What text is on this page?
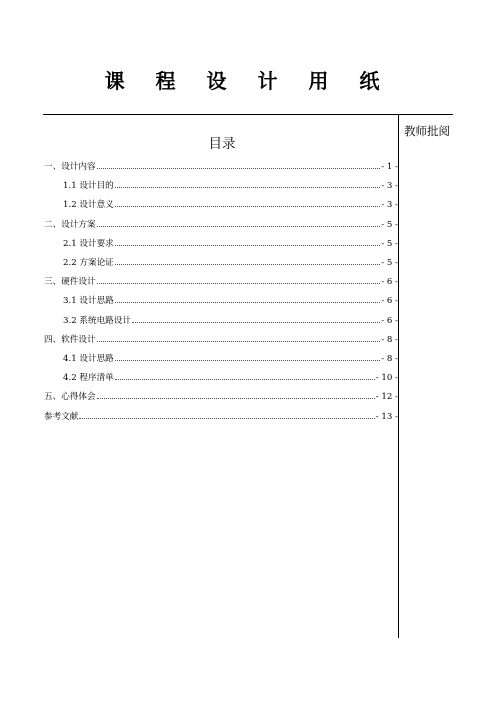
课 程 设 计 用 纸
教师批阅
目录
一、设计内容	- 1 -
1.1 设计目的	- 3 -
1.2 设计意义	- 3 -
二、设计方案	- 5 -
2.1 设计要求	- 5 -
2.2 方案论证	- 5 -
三、硬件设计	- 6 -
3.1 设计思路	- 6 -
3.2 系统电路设计	- 6 -
四、软件设计	- 8 -
4.1 设计思路	- 8 -
4.2 程序清单	- 10 -
五、心得体会	- 12 -
参考文献	- 13 -
